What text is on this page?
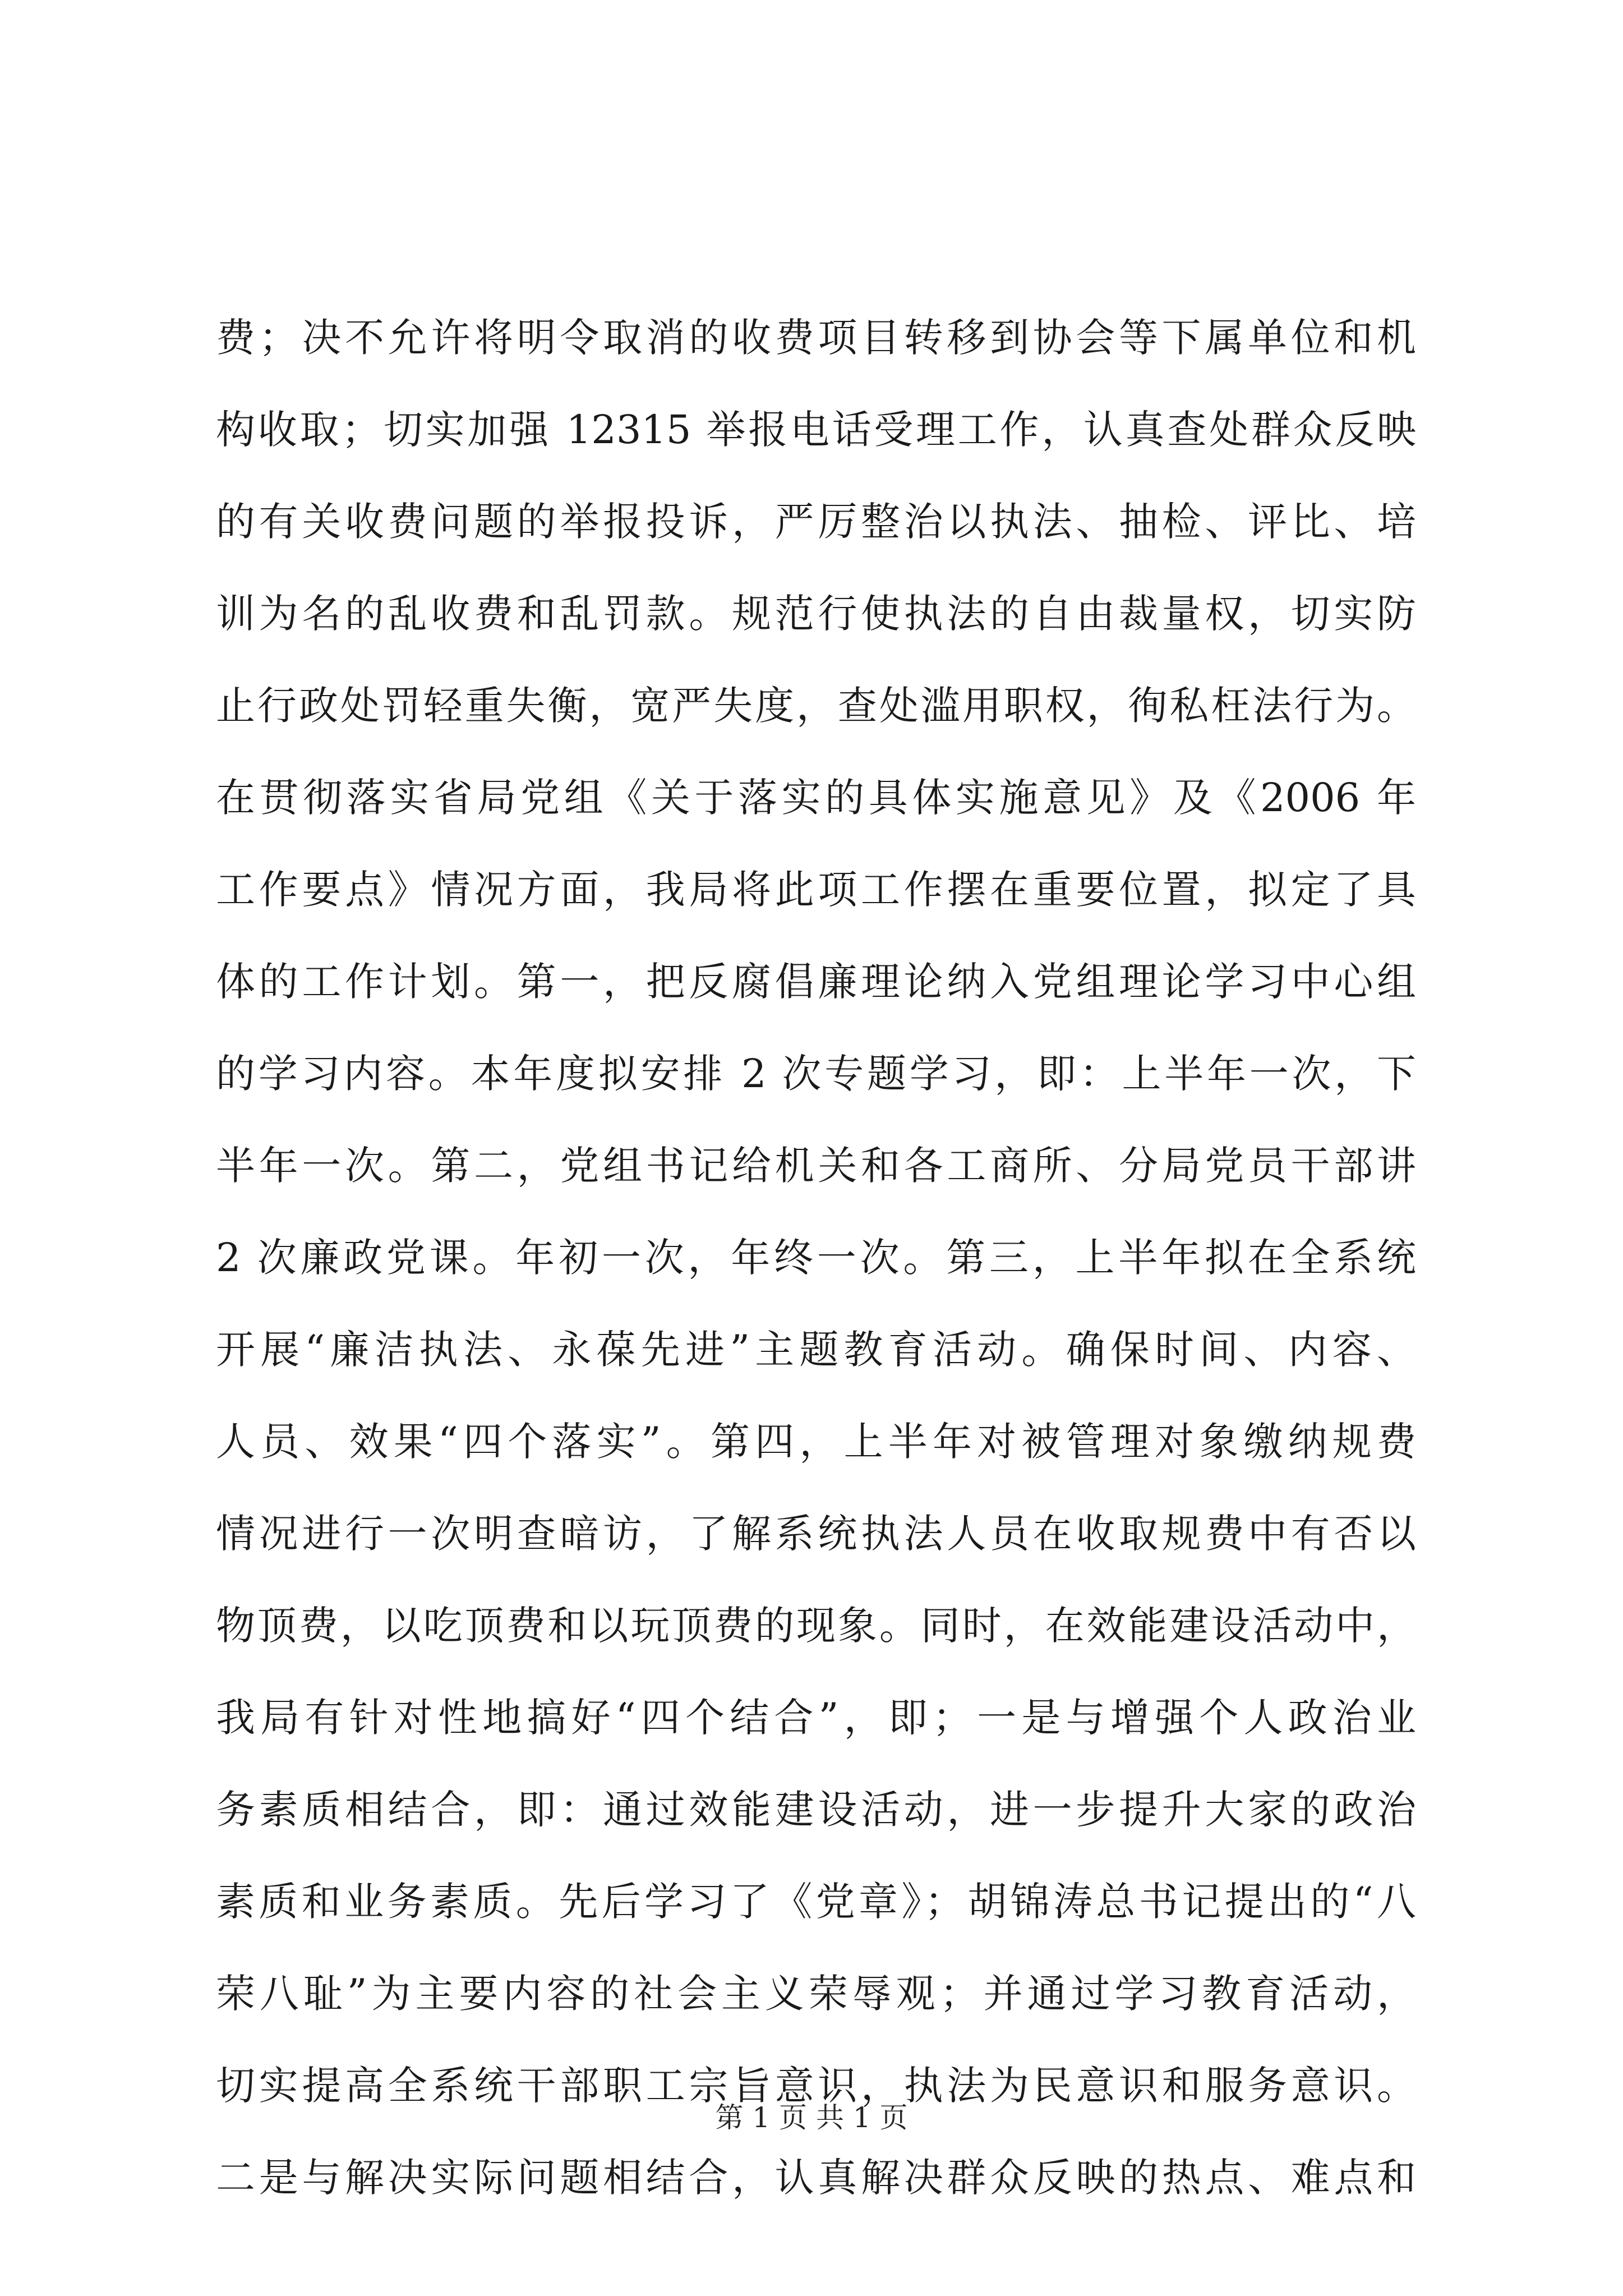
费；决不允许将明令取消的收费项目转移到协会等下属单位和机
构收取；切实加强 12315 举报电话受理工作，认真查处群众反映
的有关收费问题的举报投诉，严厉整治以执法、抽检、评比、培
训为名的乱收费和乱罚款。规范行使执法的自由裁量权，切实防
止行政处罚轻重失衡，宽严失度，查处滥用职权，徇私枉法行为。
在贯彻落实省局党组《关于落实的具体实施意见》及《2006 年
工作要点》情况方面，我局将此项工作摆在重要位置，拟定了具
体的工作计划。第一，把反腐倡廉理论纳入党组理论学习中心组
的学习内容。本年度拟安排 2 次专题学习，即：上半年一次，下
半年一次。第二，党组书记给机关和各工商所、分局党员干部讲
2 次廉政党课。年初一次，年终一次。第三，上半年拟在全系统
开展“廉洁执法、永葆先进”主题教育活动。确保时间、内容、
人员、效果“四个落实”。第四，上半年对被管理对象缴纳规费
情况进行一次明查暗访，了解系统执法人员在收取规费中有否以
物顶费，以吃顶费和以玩顶费的现象。同时，在效能建设活动中，
我局有针对性地搞好“四个结合”，即；一是与增强个人政治业
务素质相结合，即：通过效能建设活动，进一步提升大家的政治
素质和业务素质。先后学习了《党章》；胡锦涛总书记提出的“八
荣八耻”为主要内容的社会主义荣辱观；并通过学习教育活动，
切实提高全系统干部职工宗旨意识，执法为民意识和服务意识。
二是与解决实际问题相结合，认真解决群众反映的热点、难点和
第 1 页 共 1 页
